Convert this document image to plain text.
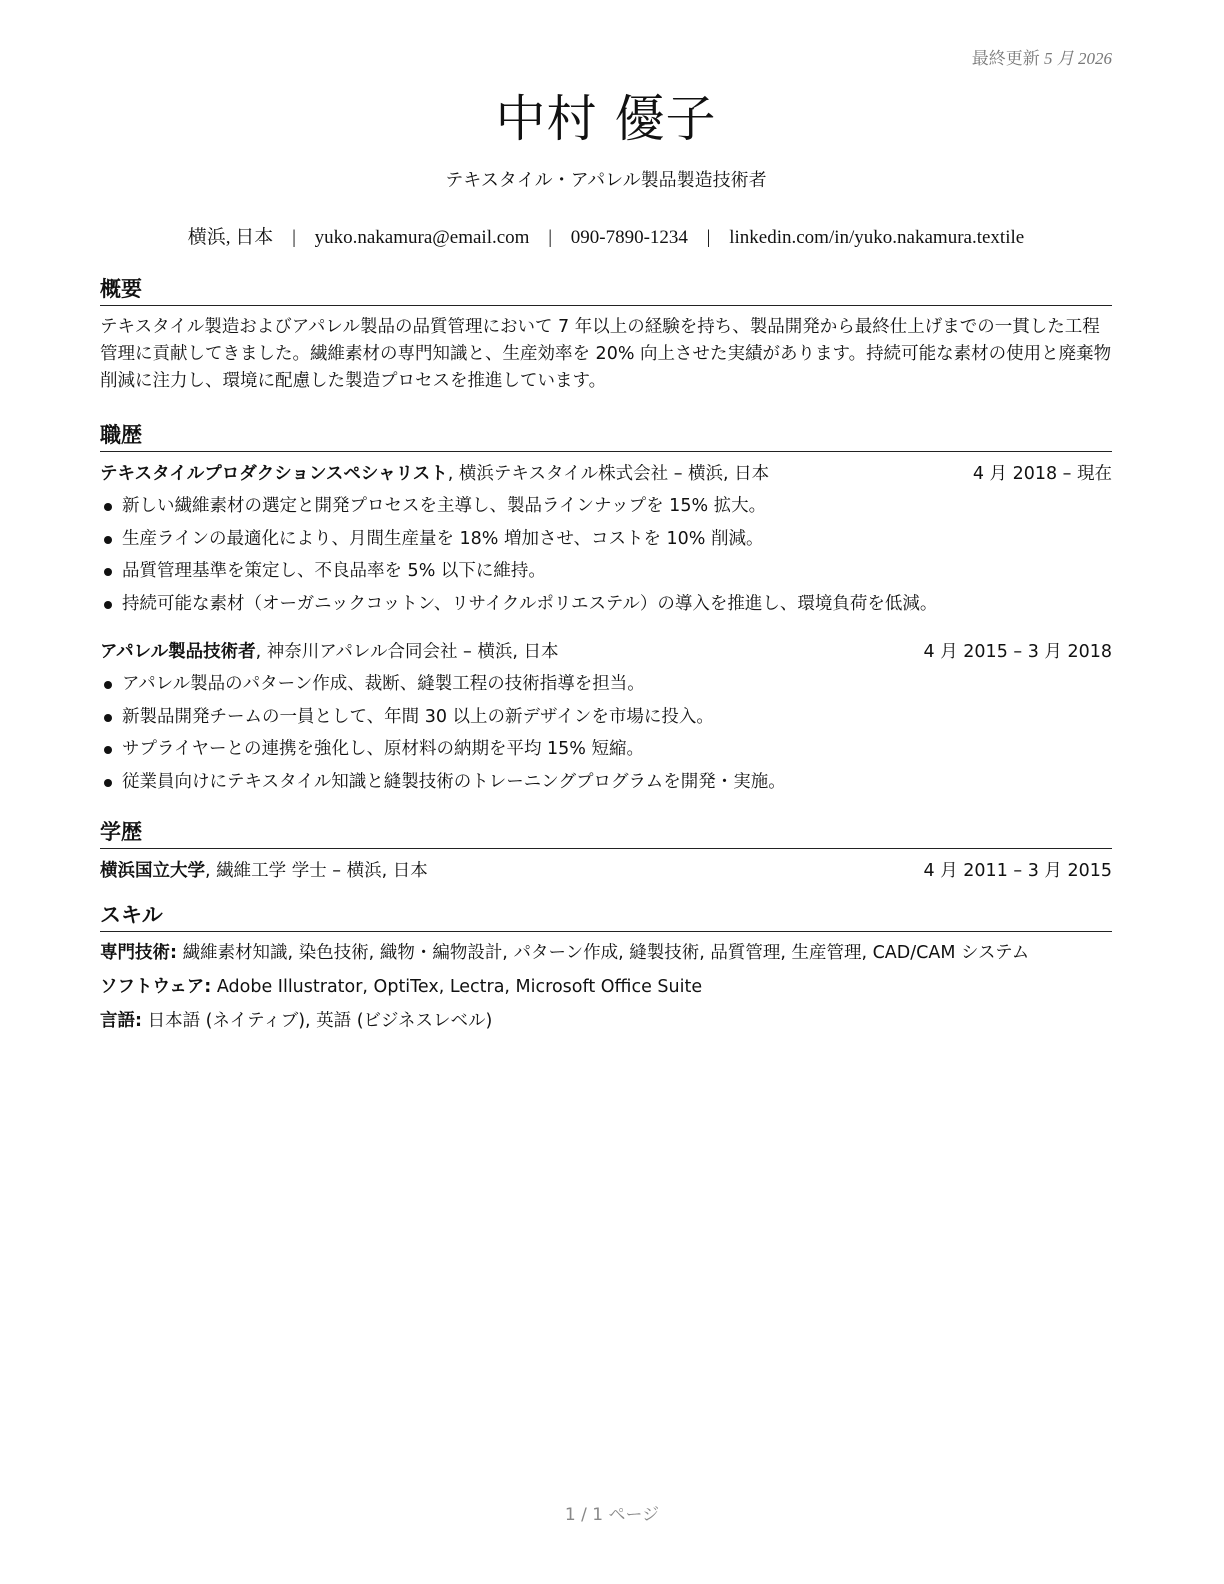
最終更新 5 月 2026
中村 優子
テキスタイル・アパレル製品製造技術者
横浜, 日本 | yuko.nakamura@email.com | 090-7890-1234 | linkedin.com/in/yuko.nakamura.textile
概要

テキスタイル製造およびアパレル製品の品質管理において 7 年以上の経験を持ち、製品開発から最終仕上げまでの一貫した工程管理に貢献してきました。繊維素材の専門知識と、生産効率を 20% 向上させた実績があります。持続可能な素材の使用と廃棄物削減に注力し、環境に配慮した製造プロセスを推進しています。

職歴
テキスタイルプロダクションスペシャリスト, 横浜テキスタイル株式会社 – 横浜, 日本	4 月 2018 – 現在
新しい繊維素材の選定と開発プロセスを主導し、製品ラインナップを 15% 拡大。
生産ラインの最適化により、月間生産量を 18% 増加させ、コストを 10% 削減。
品質管理基準を策定し、不良品率を 5% 以下に維持。
持続可能な素材（オーガニックコットン、リサイクルポリエステル）の導入を推進し、環境負荷を低減。
アパレル製品技術者, 神奈川アパレル合同会社 – 横浜, 日本	4 月 2015 – 3 月 2018
アパレル製品のパターン作成、裁断、縫製工程の技術指導を担当。
新製品開発チームの一員として、年間 30 以上の新デザインを市場に投入。
サプライヤーとの連携を強化し、原材料の納期を平均 15% 短縮。
従業員向けにテキスタイル知識と縫製技術のトレーニングプログラムを開発・実施。
学歴
横浜国立大学, 繊維工学 学士 – 横浜, 日本	4 月 2011 – 3 月 2015
スキル
専門技術: 繊維素材知識, 染色技術, 織物・編物設計, パターン作成, 縫製技術, 品質管理, 生産管理, CAD/CAM システム
ソフトウェア: Adobe Illustrator, OptiTex, Lectra, Microsoft Office Suite
言語: 日本語 (ネイティブ), 英語 (ビジネスレベル)
1 / 1 ページ
